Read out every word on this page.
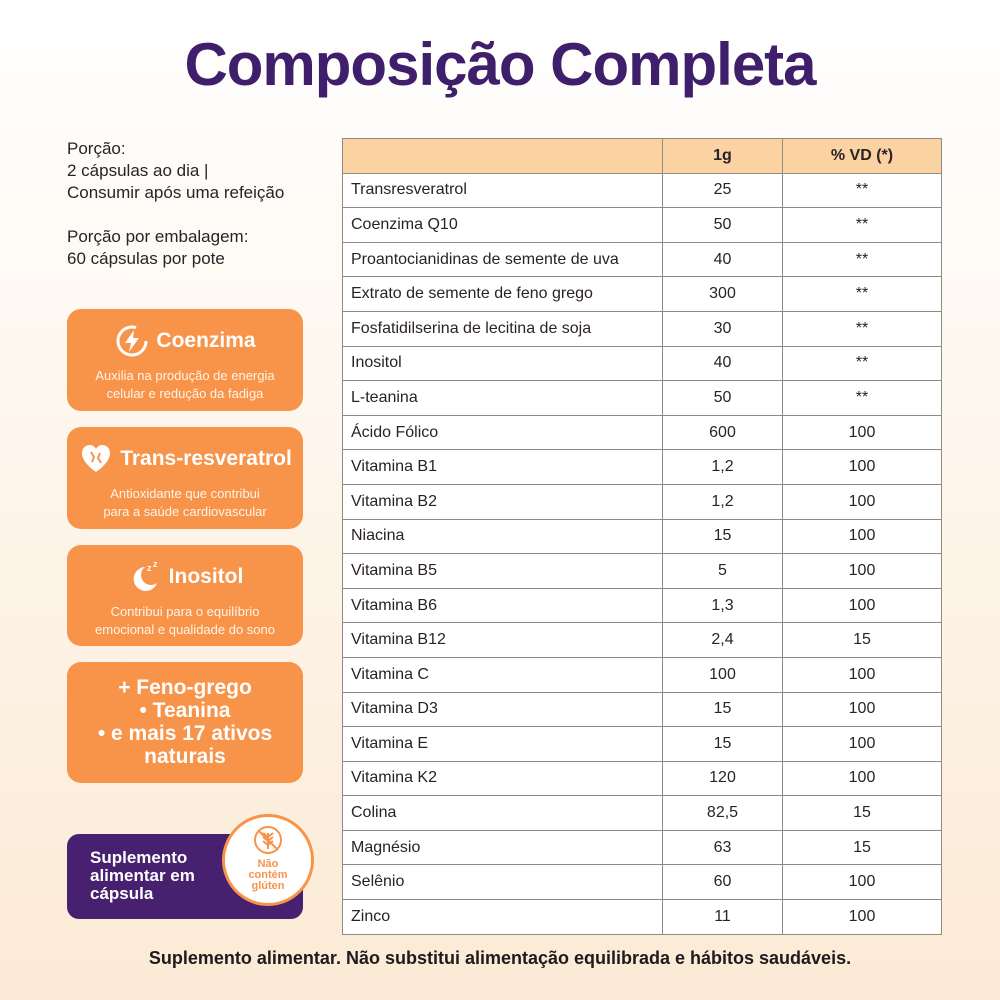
Composição Completa

Porção:

2 cápsulas ao dia |

Consumir após uma refeição

Porção por embalagem:

60 cápsulas por pote

Coenzima
Auxilia na produção de energia
celular e redução da fadiga
Trans-resveratrol
Antioxidante que contribui
para a saúde cardiovascular
z z
Inositol
Contribui para o equilíbrio
emocional e qualidade do sono
+ Feno-grego
• Teanina
• e mais 17 ativos
naturais
Suplemento alimentar em cápsula
Não
contém
glúten
	1g	% VD (*)
Transresveratrol	25	**
Coenzima Q10	50	**
Proantocianidinas de semente de uva	40	**
Extrato de semente de feno grego	300	**
Fosfatidilserina de lecitina de soja	30	**
Inositol	40	**
L-teanina	50	**
Ácido Fólico	600	100
Vitamina B1	1,2	100
Vitamina B2	1,2	100
Niacina	15	100
Vitamina B5	5	100
Vitamina B6	1,3	100
Vitamina B12	2,4	15
Vitamina C	100	100
Vitamina D3	15	100
Vitamina E	15	100
Vitamina K2	120	100
Colina	82,5	15
Magnésio	63	15
Selênio	60	100
Zinco	11	100
Suplemento alimentar. Não substitui alimentação equilibrada e hábitos saudáveis.
